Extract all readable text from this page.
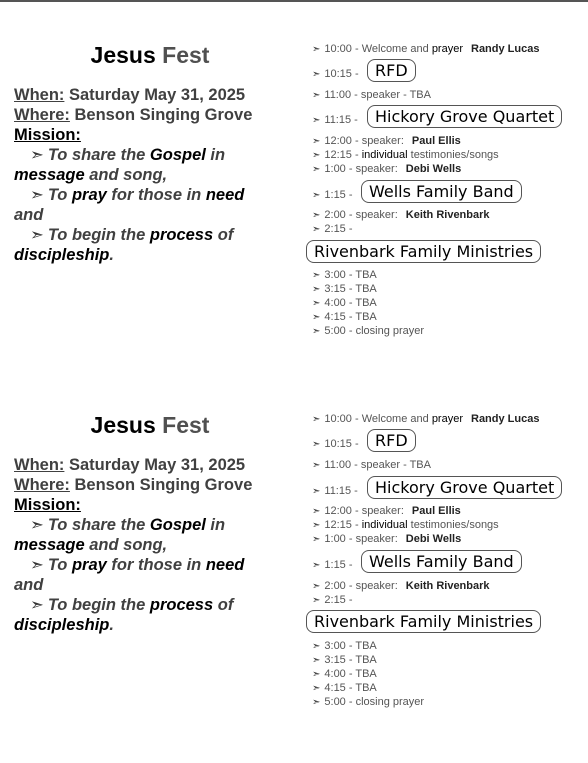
Jesus Fest
When: Saturday May 31, 2025
Where: Benson Singing Grove
Mission:

➣ To share the Gospel in
message and song,

➣ To pray for those in need
and

➣ To begin the process of
discipleship.

➣ 10:00 - Welcome and prayer Randy Lucas
➣ 10:15 -	RFD
➣ 11:00 - speaker - TBA
➣ 11:15 -	Hickory Grove Quartet
➣ 12:00 - speaker: Paul Ellis
➣ 12:15 - individual testimonies/songs
➣ 1:00 - speaker: Debi Wells
➣ 1:15 -	Wells Family Band
➣ 2:00 - speaker: Keith Rivenbark
➣ 2:15 -
Rivenbark Family Ministries
➣ 3:00 - TBA
➣ 3:15 - TBA
➣ 4:00 - TBA
➣ 4:15 - TBA
➣ 5:00 - closing prayer
Jesus Fest
When: Saturday May 31, 2025
Where: Benson Singing Grove
Mission:

➣ To share the Gospel in
message and song,

➣ To pray for those in need
and

➣ To begin the process of
discipleship.

➣ 10:00 - Welcome and prayer Randy Lucas
➣ 10:15 -	RFD
➣ 11:00 - speaker - TBA
➣ 11:15 -	Hickory Grove Quartet
➣ 12:00 - speaker: Paul Ellis
➣ 12:15 - individual testimonies/songs
➣ 1:00 - speaker: Debi Wells
➣ 1:15 -	Wells Family Band
➣ 2:00 - speaker: Keith Rivenbark
➣ 2:15 -
Rivenbark Family Ministries
➣ 3:00 - TBA
➣ 3:15 - TBA
➣ 4:00 - TBA
➣ 4:15 - TBA
➣ 5:00 - closing prayer
